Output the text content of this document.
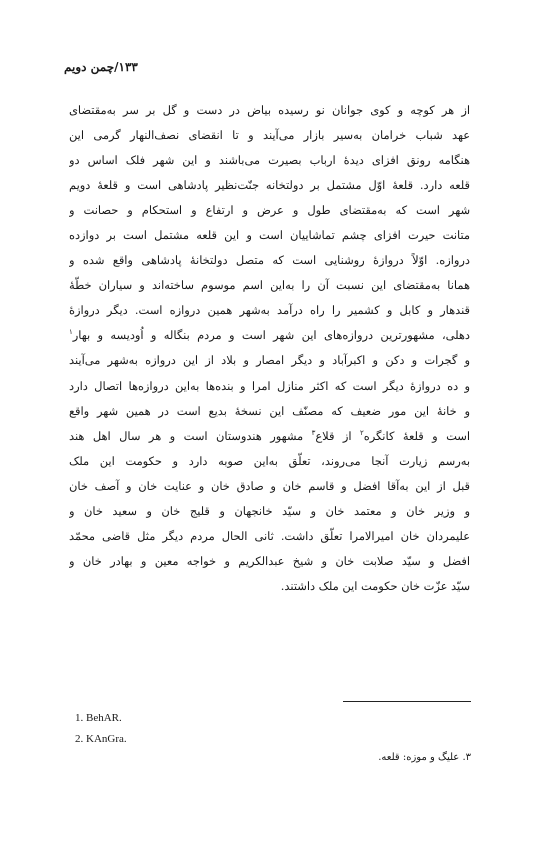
۱۳۳/چمن دویم
از هر کوچه و کوی جوانان نو رسیده بیاض در دست و گل بر سر به‌مقتضای
عهد شباب خرامان به‌سیر بازار می‌آیند و تا انقضای نصف‌النهار گرمی این
هنگامه رونق افزای دیدهٔ ارباب بصیرت می‌باشند و این شهر فلک اساس دو
قلعه دارد. قلعهٔ اوّل مشتمل بر دولتخانه جنّت‌نظیر پادشاهی است و قلعهٔ دویم
شهر است که به‌مقتضای طول و عرض و ارتفاع و استحکام و حصانت و
متانت حیرت افزای چشم تماشاییان است و این قلعه مشتمل است بر دوازده
دروازه. اوّلاً دروازهٔ روشنایی است که متصل دولتخانهٔ پادشاهی واقع شده و
همانا به‌مقتضای این نسبت آن را به‌این اسم موسوم ساخته‌اند و سیاران خطّهٔ
قندهار و کابل و کشمیر را راه درآمد به‌شهر همین دروازه است. دیگر دروازهٔ
دهلی، مشهورترین دروازه‌های این شهر است و مردم بنگاله و اُودیسه و بهار$^۱$
و گجرات و دکن و اکبرآباد و دیگر امصار و بلاد از این دروازه به‌شهر می‌آیند
و ده دروازهٔ دیگر است که اکثر منازل امرا و بنده‌ها به‌این دروازه‌ها اتصال دارد
و خانهٔ این مور ضعیف که مصنّف این نسخهٔ بدیع است در همین شهر واقع
است و قلعهٔ کانگره$^۲$ از قلاع$^۳$ مشهور هندوستان است و هر سال اهل هند
به‌رسم زیارت آنجا می‌روند، تعلّق به‌این صوبه دارد و حکومت این ملک
قبل از این به‌آقا افضل و قاسم خان و صادق خان و عنایت خان و آصف خان
و وزیر خان و معتمد خان و سیّد خانجهان و قلیج خان و سعید خان و
علیمردان خان امیرالامرا تعلّق داشت. ثانی الحال مردم دیگر مثل قاضی محمّد
افضل و سیّد صلابت خان و شیخ عبدالکریم و خواجه معین و بهادر خان و
سیّد عزّت خان حکومت این ملک داشتند.
1. BehAR.
2. KAnGra.
۳. علیگ و موزه: قلعه.
